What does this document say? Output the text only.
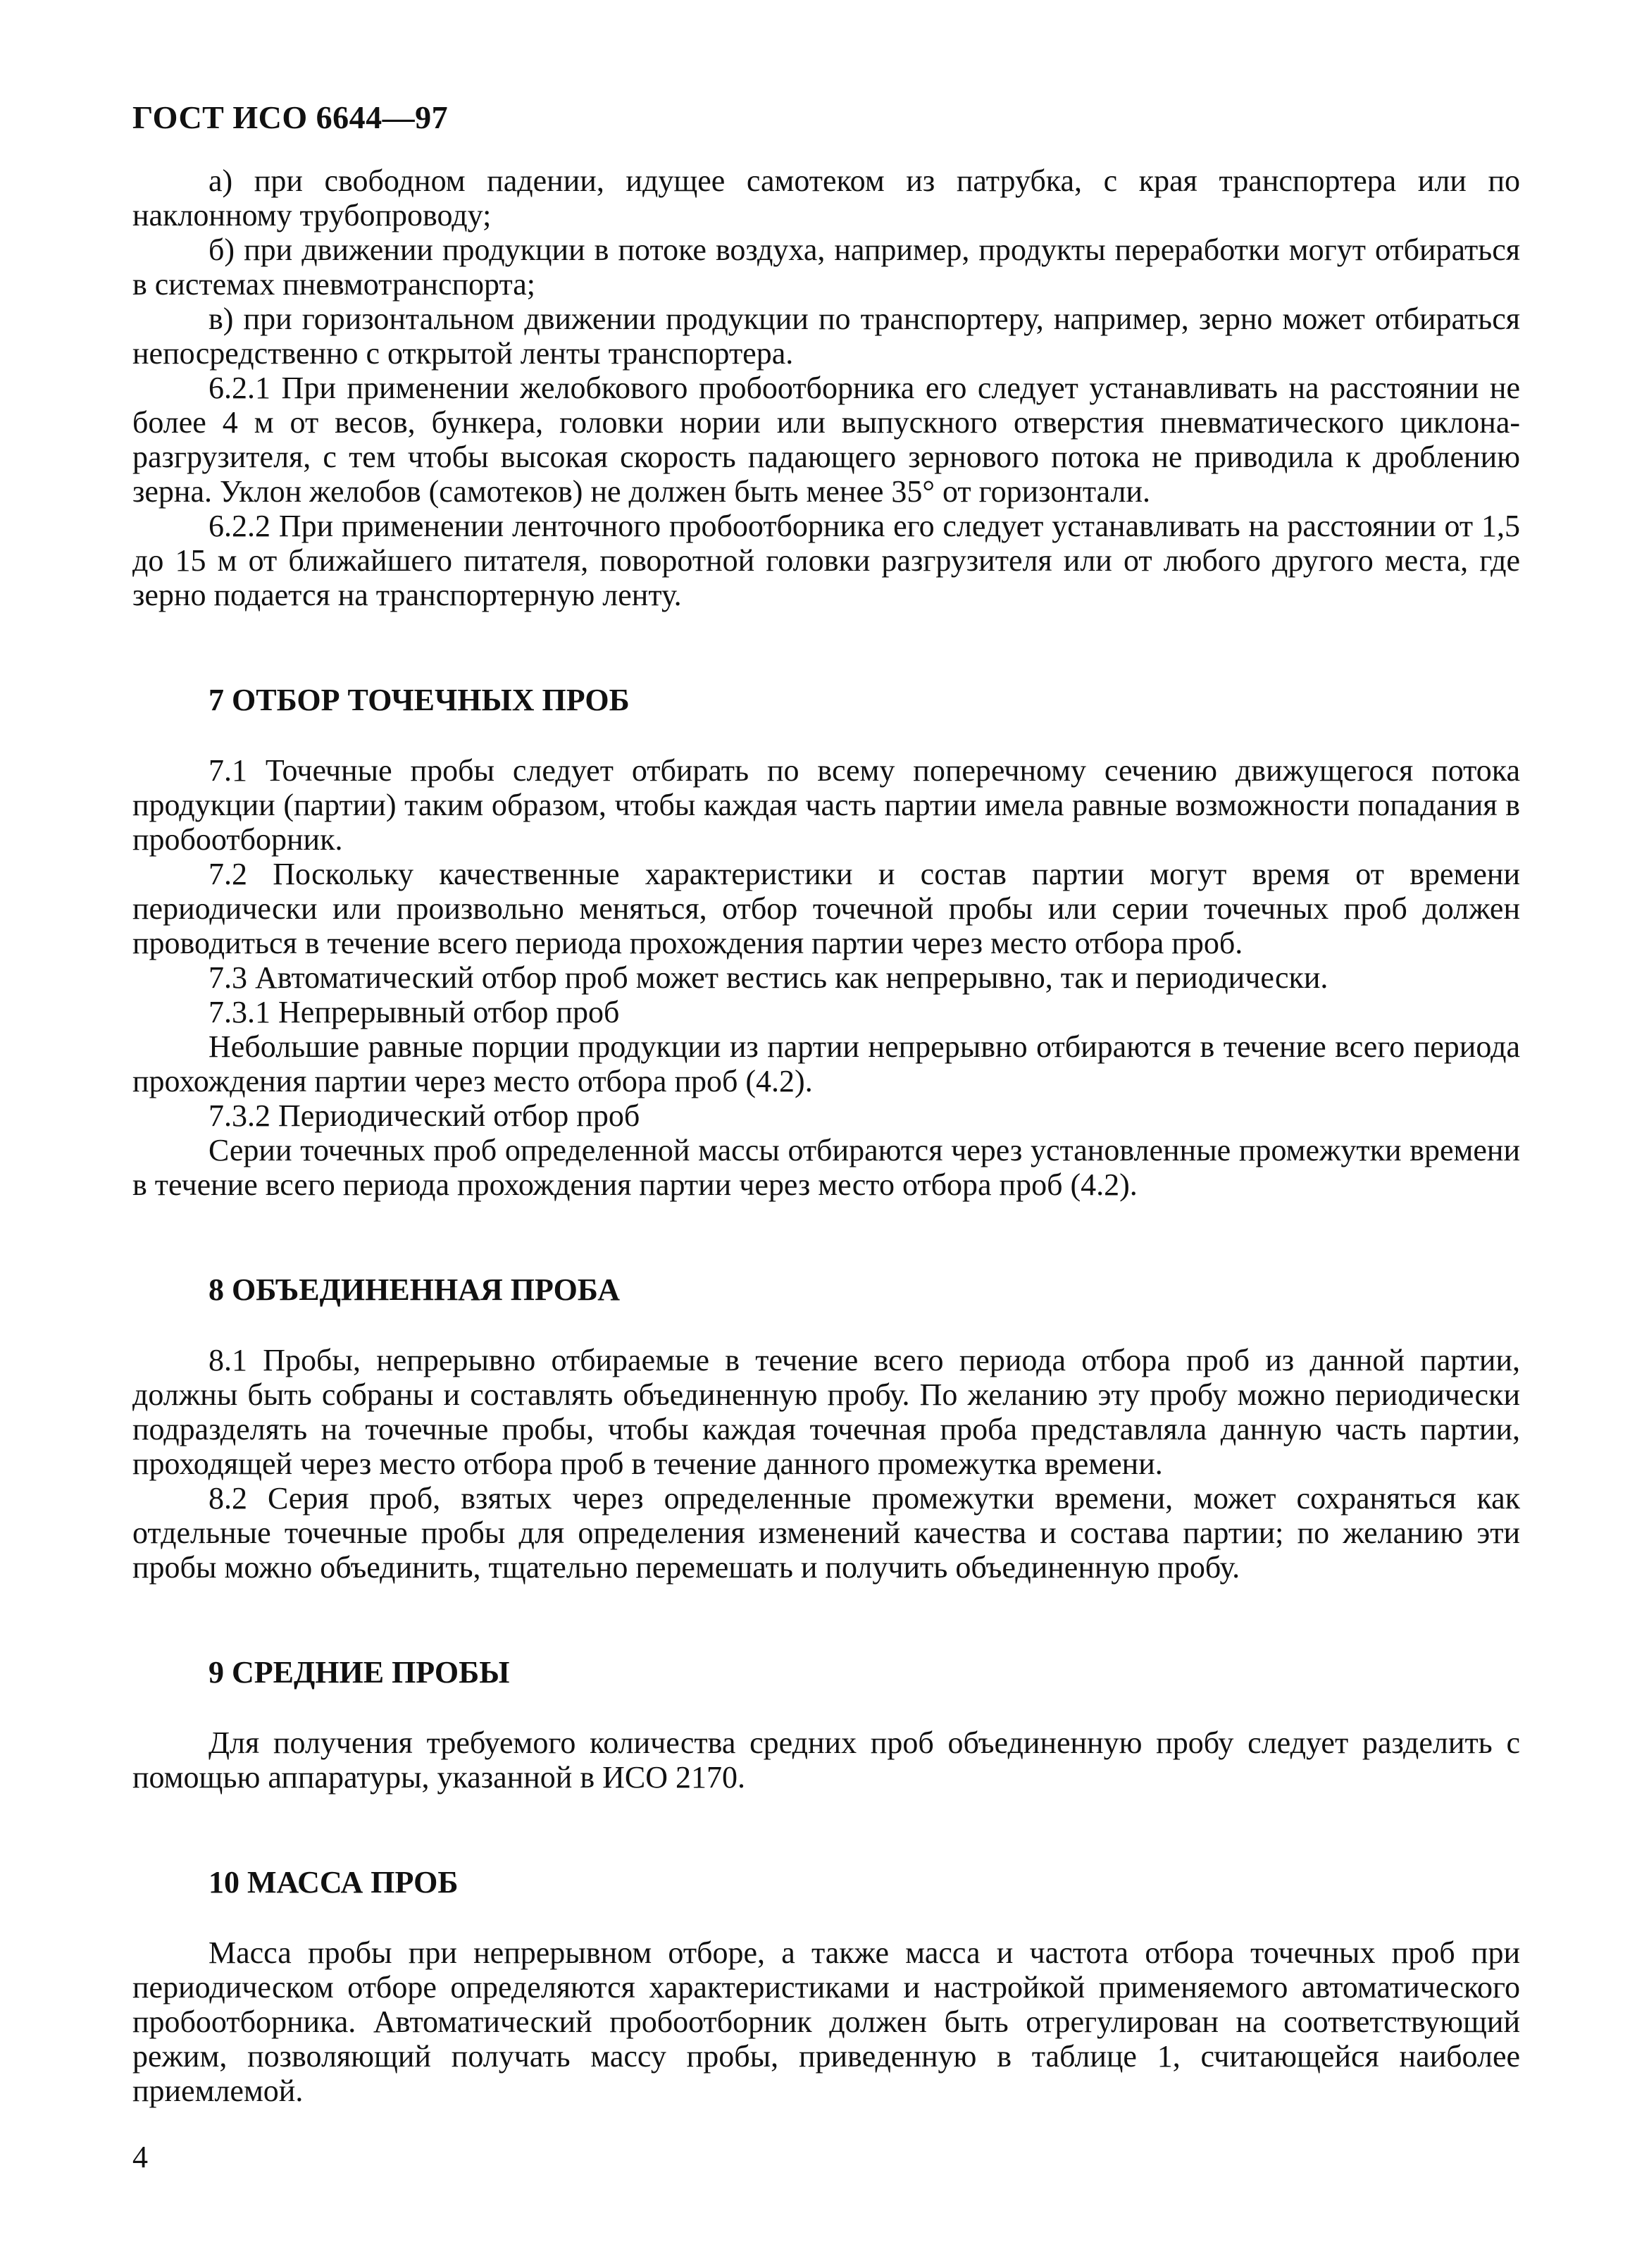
ГОСТ ИСО 6644—97

а) при свободном падении, идущее самотеком из патрубка, с края транспортера или по наклонному трубопроводу;

б) при движении продукции в потоке воздуха, например, продукты переработки могут отбираться в системах пневмотранспорта;

в) при горизонтальном движении продукции по транспортеру, например, зерно может отбираться непосредственно с открытой ленты транспортера.

6.2.1 При применении желобкового пробоотборника его следует устанавливать на расстоянии не более 4 м от весов, бункера, головки нории или выпускного отверстия пневматического циклона-разгрузителя, с тем чтобы высокая скорость падающего зернового потока не приводила к дроблению зерна. Уклон желобов (самотеков) не должен быть менее 35° от горизонтали.

6.2.2 При применении ленточного пробоотборника его следует устанавливать на расстоянии от 1,5 до 15 м от ближайшего питателя, поворотной головки разгрузителя или от любого другого места, где зерно подается на транспортерную ленту.

7 ОТБОР ТОЧЕЧНЫХ ПРОБ

7.1 Точечные пробы следует отбирать по всему поперечному сечению движущегося потока продукции (партии) таким образом, чтобы каждая часть партии имела равные возможности попадания в пробоотборник.

7.2 Поскольку качественные характеристики и состав партии могут время от времени периодически или произвольно меняться, отбор точечной пробы или серии точечных проб должен проводиться в течение всего периода прохождения партии через место отбора проб.

7.3 Автоматический отбор проб может вестись как непрерывно, так и периодически.

7.3.1 Непрерывный отбор проб

Небольшие равные порции продукции из партии непрерывно отбираются в течение всего периода прохождения партии через место отбора проб (4.2).

7.3.2 Периодический отбор проб

Серии точечных проб определенной массы отбираются через установленные промежутки времени в течение всего периода прохождения партии через место отбора проб (4.2).

8 ОБЪЕДИНЕННАЯ ПРОБА

8.1 Пробы, непрерывно отбираемые в течение всего периода отбора проб из данной партии, должны быть собраны и составлять объединенную пробу. По желанию эту пробу можно периодически подразделять на точечные пробы, чтобы каждая точечная проба представляла данную часть партии, проходящей через место отбора проб в течение данного промежутка времени.

8.2 Серия проб, взятых через определенные промежутки времени, может сохраняться как отдельные точечные пробы для определения изменений качества и состава партии; по желанию эти пробы можно объединить, тщательно перемешать и получить объединенную пробу.

9 СРЕДНИЕ ПРОБЫ

Для получения требуемого количества средних проб объединенную пробу следует разделить с помощью аппаратуры, указанной в ИСО 2170.

10 МАССА ПРОБ

Масса пробы при непрерывном отборе, а также масса и частота отбора точечных проб при периодическом отборе определяются характеристиками и настройкой применяемого автоматического пробоотборника. Автоматический пробоотборник должен быть отрегулирован на соответствующий режим, позволяющий получать массу пробы, приведенную в таблице 1, считающейся наиболее приемлемой.

4
